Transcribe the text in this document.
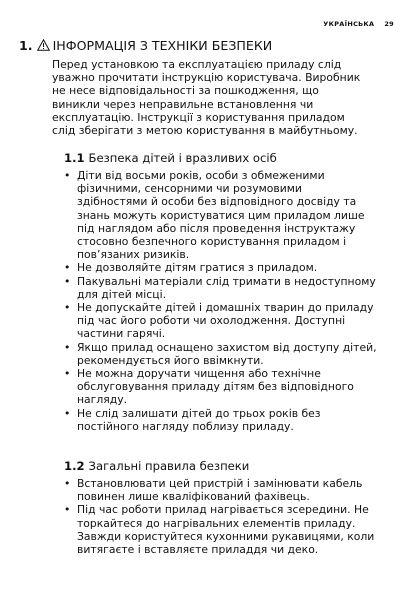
УКРАЇНСЬКА 29
1. ІНФОРМАЦІЯ З ТЕХНІКИ БЕЗПЕКИ
Перед установкою та експлуатацією приладу слід
уважно прочитати інструкцію користувача. Виробник
не несе відповідальності за пошкодження, що
виникли через неправильне встановлення чи
експлуатацію. Інструкції з користування приладом
слід зберігати з метою користування в майбутньому.
1.1 Безпека дітей і вразливих осіб
• Діти від восьми років, особи з обмеженими
фізичними, сенсорними чи розумовими
здібностями й особи без відповідного досвіду та
знань можуть користуватися цим приладом лише
під наглядом або після проведення інструктажу
стосовно безпечного користування приладом і
пов’язаних ризиків.
• Не дозволяйте дітям гратися з приладом.
• Пакувальні матеріали слід тримати в недоступному
для дітей місці.
• Не допускайте дітей і домашніх тварин до приладу
під час його роботи чи охолодження. Доступні
частини гарячі.
• Якщо прилад оснащено захистом від доступу дітей,
рекомендується його ввімкнути.
• Не можна доручати чищення або технічне
обслуговування приладу дітям без відповідного
нагляду.
• Не слід залишати дітей до трьох років без
постійного нагляду поблизу приладу.
1.2 Загальні правила безпеки
• Встановлювати цей пристрій і замінювати кабель
повинен лише кваліфікований фахівець.
• Під час роботи прилад нагрівається зсередини. Не
торкайтеся до нагрівальних елементів приладу.
Завжди користуйтеся кухонними рукавицями, коли
витягаєте і вставляєте приладдя чи деко.
